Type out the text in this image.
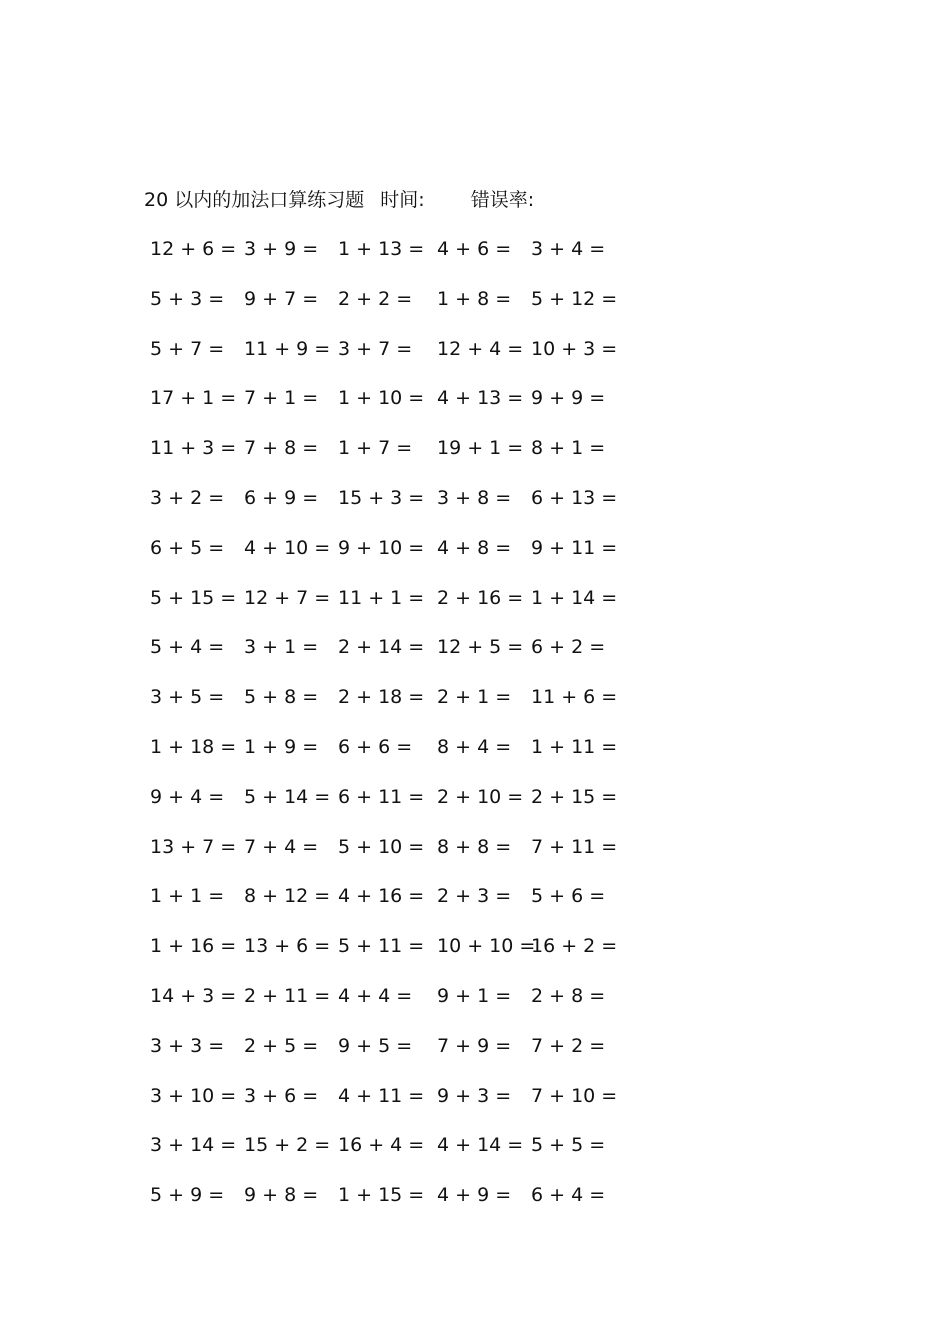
20 以内的加法口算练习题 时间: 错误率:
12 + 6 = 3 + 9 = 1 + 13 = 4 + 6 = 3 + 4 =
5 + 3 = 9 + 7 = 2 + 2 = 1 + 8 = 5 + 12 =
5 + 7 = 11 + 9 = 3 + 7 = 12 + 4 = 10 + 3 =
17 + 1 = 7 + 1 = 1 + 10 = 4 + 13 = 9 + 9 =
11 + 3 = 7 + 8 = 1 + 7 = 19 + 1 = 8 + 1 =
3 + 2 = 6 + 9 = 15 + 3 = 3 + 8 = 6 + 13 =
6 + 5 = 4 + 10 = 9 + 10 = 4 + 8 = 9 + 11 =
5 + 15 = 12 + 7 = 11 + 1 = 2 + 16 = 1 + 14 =
5 + 4 = 3 + 1 = 2 + 14 = 12 + 5 = 6 + 2 =
3 + 5 = 5 + 8 = 2 + 18 = 2 + 1 = 11 + 6 =
1 + 18 = 1 + 9 = 6 + 6 = 8 + 4 = 1 + 11 =
9 + 4 = 5 + 14 = 6 + 11 = 2 + 10 = 2 + 15 =
13 + 7 = 7 + 4 = 5 + 10 = 8 + 8 = 7 + 11 =
1 + 1 = 8 + 12 = 4 + 16 = 2 + 3 = 5 + 6 =
1 + 16 = 13 + 6 = 5 + 11 = 10 + 10 =
16 + 2 =
14 + 3 = 2 + 11 = 4 + 4 = 9 + 1 = 2 + 8 =
3 + 3 = 2 + 5 = 9 + 5 = 7 + 9 = 7 + 2 =
3 + 10 = 3 + 6 = 4 + 11 = 9 + 3 = 7 + 10 =
3 + 14 = 15 + 2 = 16 + 4 = 4 + 14 = 5 + 5 =
5 + 9 = 9 + 8 = 1 + 15 = 4 + 9 = 6 + 4 =
